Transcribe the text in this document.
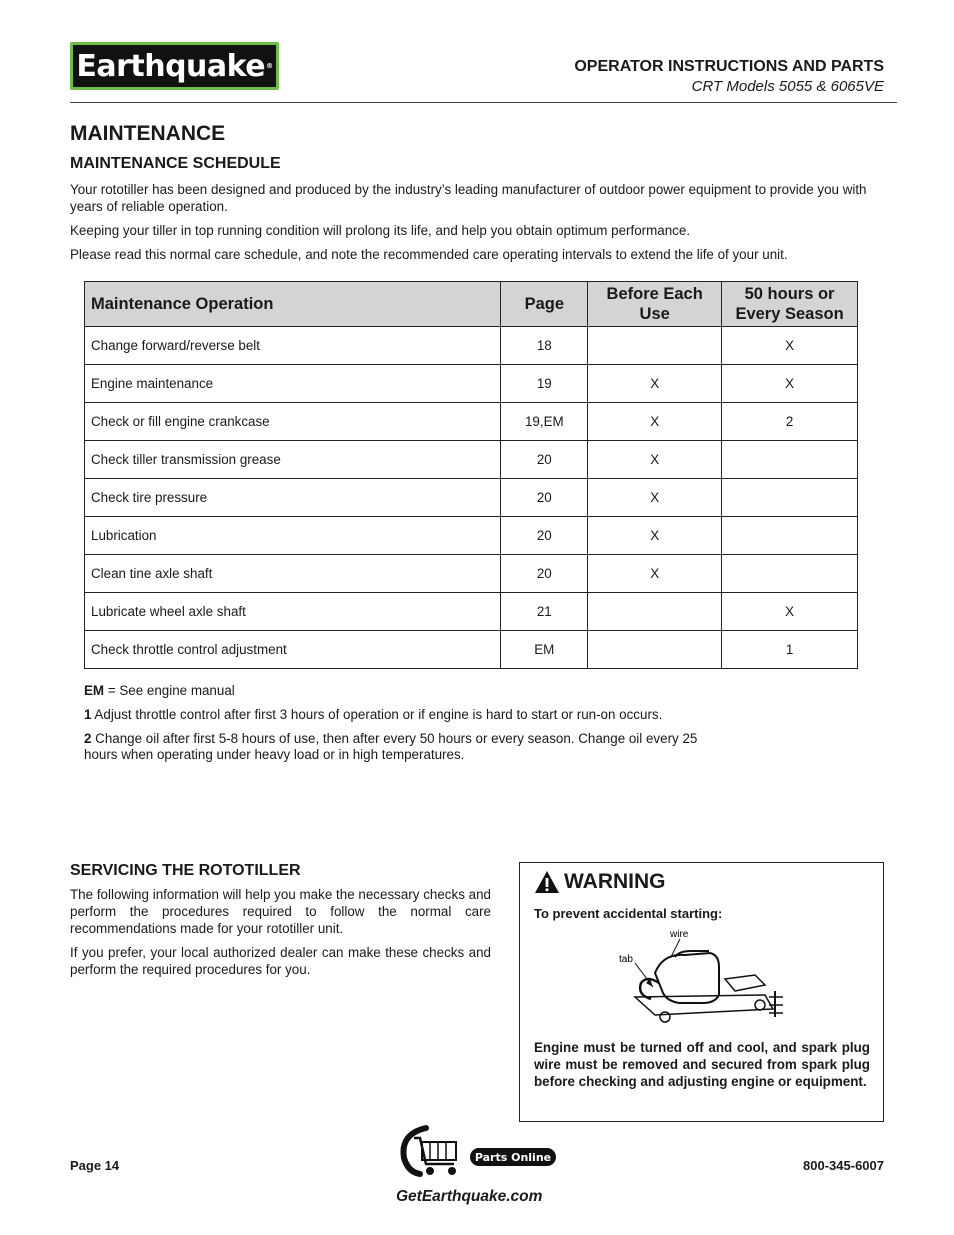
Earthquake ®	OPERATOR INSTRUCTIONS AND PARTS
CRT Models 5055 & 6065VE
MAINTENANCE
MAINTENANCE SCHEDULE

Your rototiller has been designed and produced by the industry’s leading manufacturer of outdoor power equipment to provide you with years of reliable operation.

Keeping your tiller in top running condition will prolong its life, and help you obtain optimum performance.

Please read this normal care schedule, and note the recommended care operating intervals to extend the life of your unit.

Maintenance Operation	Page	Before Each Use	50 hours or Every Season
Change forward/reverse belt	18		X
Engine maintenance	19	X	X
Check or fill engine crankcase	19,EM	X	2
Check tiller transmission grease	20	X	
Check tire pressure	20	X	
Lubrication	20	X	
Clean tine axle shaft	20	X	
Lubricate wheel axle shaft	21		X
Check throttle control adjustment	EM		1

EM = See engine manual

1 Adjust throttle control after first 3 hours of operation or if engine is hard to start or run-on occurs.

2 Change oil after first 5-8 hours of use, then after every 50 hours or every season. Change oil every 25 hours when operating under heavy load or in high temperatures.

SERVICING THE ROTOTILLER

The following information will help you make the necessary checks and perform the procedures required to follow the normal care recommendations made for your rototiller unit.

If you prefer, your local authorized dealer can make these checks and perform the required procedures for you.

WARNING
To prevent accidental starting:
wire
tab

Engine must be turned off and cool, and spark plug wire must be removed and secured from spark plug before checking and adjusting engine or equipment.

Page 14	800-345-6007
Parts Online
GetEarthquake.com
